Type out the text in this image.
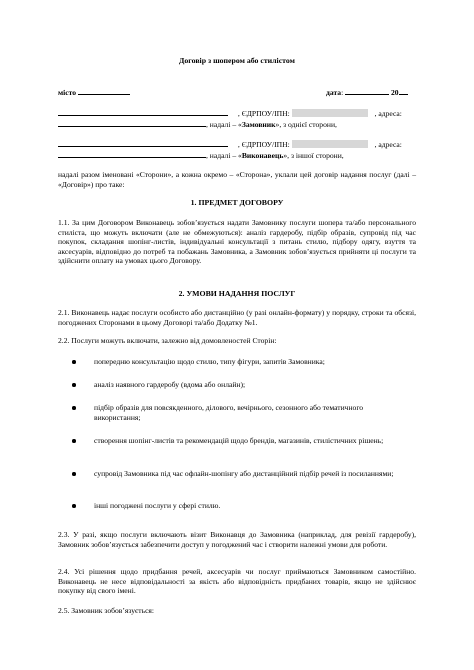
Договір з шопером або стилістом
місто	дата:	20
, ЄДРПОУ/ІПН:	, адреса:
, надалі – «Замовник», з однієї сторони,
, ЄДРПОУ/ІПН:	, адреса:
, надалі – «Виконавець», з іншої сторони,
надалі разом іменовані «Сторони», а кожна окремо – «Сторона», уклали цей договір надання послуг (далі – «Договір») про таке:
1. ПРЕДМЕТ ДОГОВОРУ
1.1. За цим Договором Виконавець зобов’язується надати Замовнику послуги шопера та/або персонального стиліста, що можуть включати (але не обмежуються): аналіз гардеробу, підбір образів, супровід під час покупок, складання шопінг-листів, індивідуальні консультації з питань стилю, підбору одягу, взуття та аксесуарів, відповідно до потреб та побажань Замовника, а Замовник зобов’язується прийняти ці послуги та здійснити оплату на умовах цього Договору.
2. УМОВИ НАДАННЯ ПОСЛУГ
2.1. Виконавець надає послуги особисто або дистанційно (у разі онлайн-формату) у порядку, строки та обсязі, погоджених Сторонами в цьому Договорі та/або Додатку №1.
2.2. Послуги можуть включати, залежно від домовленостей Сторін:
попередню консультацію щодо стилю, типу фігури, запитів Замовника;
аналіз наявного гардеробу (вдома або онлайн);
підбір образів для повсякденного, ділового, вечірнього, сезонного або тематичного використання;
створення шопінг-листів та рекомендацій щодо брендів, магазинів, стилістичних рішень;
супровід Замовника під час офлайн-шопінгу або дистанційний підбір речей із посиланнями;
інші погоджені послуги у сфері стилю.
2.3. У разі, якщо послуги включають візит Виконавця до Замовника (наприклад, для ревізії гардеробу), Замовник зобов’язується забезпечити доступ у погоджений час і створити належні умови для роботи.
2.4. Усі рішення щодо придбання речей, аксесуарів чи послуг приймаються Замовником самостійно. Виконавець не несе відповідальності за якість або відповідність придбаних товарів, якщо не здійснює покупку від свого імені.
2.5. Замовник зобов’язується:
